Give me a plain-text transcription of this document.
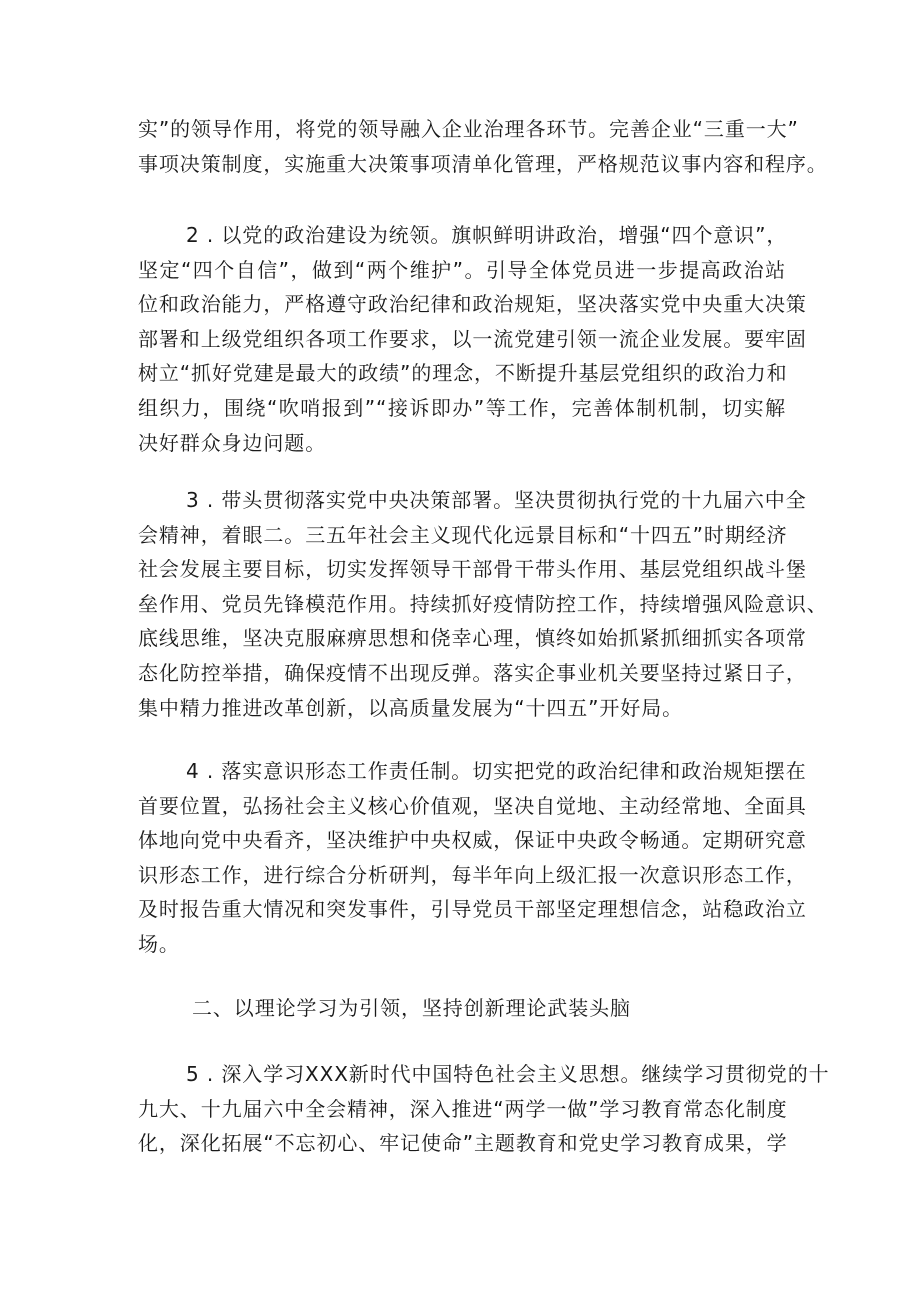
实”的领导作用，将党的领导融入企业治理各环节。完善企业“三重一大”
事项决策制度，实施重大决策事项清单化管理，严格规范议事内容和程序。
2 . 以党的政治建设为统领。旗帜鲜明讲政治，增强“四个意识”，
坚定“四个自信”，做到“两个维护”。引导全体党员进一步提高政治站
位和政治能力，严格遵守政治纪律和政治规矩，坚决落实党中央重大决策
部署和上级党组织各项工作要求，以一流党建引领一流企业发展。要牢固
树立“抓好党建是最大的政绩”的理念，不断提升基层党组织的政治力和
组织力，围绕“吹哨报到”“接诉即办”等工作，完善体制机制，切实解
决好群众身边问题。
3 . 带头贯彻落实党中央决策部署。坚决贯彻执行党的十九届六中全
会精神，着眼二。三五年社会主义现代化远景目标和“十四五”时期经济
社会发展主要目标，切实发挥领导干部骨干带头作用、基层党组织战斗堡
垒作用、党员先锋模范作用。持续抓好疫情防控工作，持续增强风险意识、
底线思维，坚决克服麻痹思想和侥幸心理，慎终如始抓紧抓细抓实各项常
态化防控举措，确保疫情不出现反弹。落实企事业机关要坚持过紧日子，
集中精力推进改革创新，以高质量发展为“十四五”开好局。
4 . 落实意识形态工作责任制。切实把党的政治纪律和政治规矩摆在
首要位置，弘扬社会主义核心价值观，坚决自觉地、主动经常地、全面具
体地向党中央看齐，坚决维护中央权威，保证中央政令畅通。定期研究意
识形态工作，进行综合分析研判，每半年向上级汇报一次意识形态工作，
及时报告重大情况和突发事件，引导党员干部坚定理想信念，站稳政治立
场。
二、以理论学习为引领，坚持创新理论武装头脑
5 . 深入学习XXX新时代中国特色社会主义思想。继续学习贯彻党的十
九大、十九届六中全会精神，深入推进“两学一做”学习教育常态化制度
化，深化拓展“不忘初心、牢记使命”主题教育和党史学习教育成果，学
